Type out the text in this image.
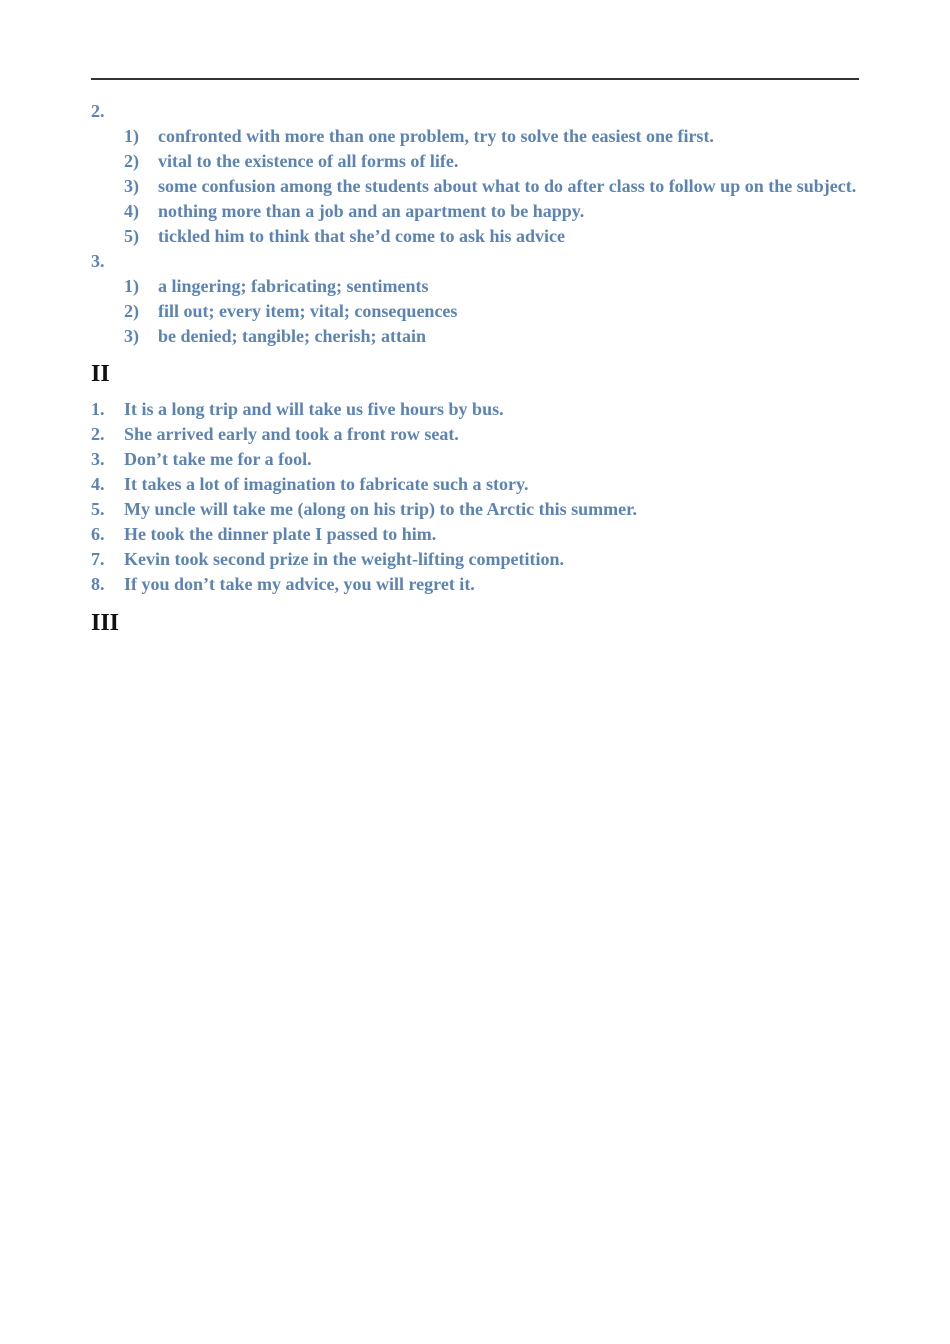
2.
1) confronted with more than one problem, try to solve the easiest one first.
2) vital to the existence of all forms of life.
3) some confusion among the students about what to do after class to follow up on the subject.
4) nothing more than a job and an apartment to be happy.
5) tickled him to think that she’d come to ask his advice
3.
1) a lingering; fabricating; sentiments
2) fill out; every item; vital; consequences
3) be denied; tangible; cherish; attain
II
1. It is a long trip and will take us five hours by bus.
2. She arrived early and took a front row seat.
3. Don’t take me for a fool.
4. It takes a lot of imagination to fabricate such a story.
5. My uncle will take me (along on his trip) to the Arctic this summer.
6. He took the dinner plate I passed to him.
7. Kevin took second prize in the weight-lifting competition.
8. If you don’t take my advice, you will regret it.
III
